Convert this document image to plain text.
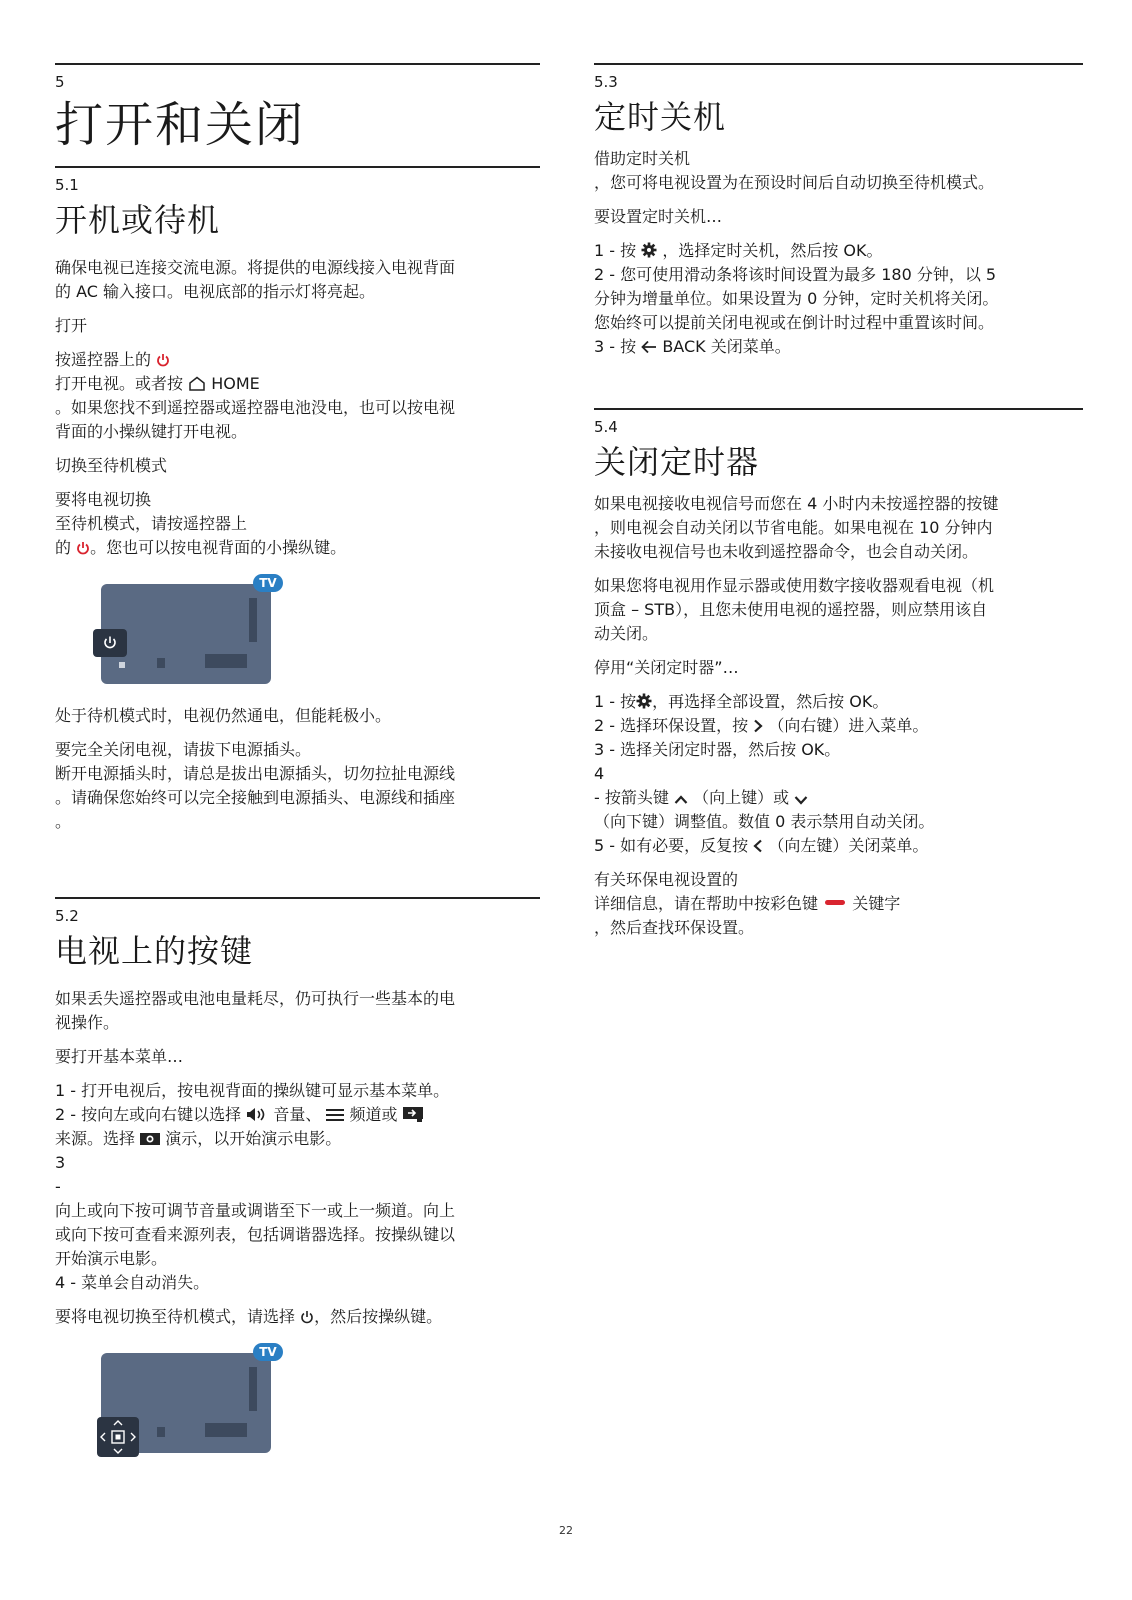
5
打开和关闭
5.1
开机或待机

确保电视已连接交流电源。将提供的电源线接入电视背面
的 AC 输入接口。电视底部的指示灯将亮起。

打开

按遥控器上的
打开电视。或者按 HOME
。如果您找不到遥控器或遥控器电池没电，也可以按电视
背面的小操纵键打开电视。

切换至待机模式

要将电视切换
至待机模式，请按遥控器上
的 。您也可以按电视背面的小操纵键。

TV

处于待机模式时，电视仍然通电，但能耗极小。

要完全关闭电视，请拔下电源插头。
断开电源插头时，请总是拔出电源插头，切勿拉扯电源线
。请确保您始终可以完全接触到电源插头、电源线和插座
。

5.2
电视上的按键

如果丢失遥控器或电池电量耗尽，仍可执行一些基本的电
视操作。

要打开基本菜单…

1 - 打开电视后，按电视背面的操纵键可显示基本菜单。
2 - 按向左或向右键以选择 音量、 频道或
来源。选择 演示，以开始演示电影。
3
-
向上或向下按可调节音量或调谐至下一或上一频道。向上
或向下按可查看来源列表，包括调谐器选择。按操纵键以
开始演示电影。
4 - 菜单会自动消失。

要将电视切换至待机模式，请选择 ，然后按操纵键。

TV
5.3
定时关机

借助定时关机
，您可将电视设置为在预设时间后自动切换至待机模式。

要设置定时关机…

1 - 按 ，选择定时关机，然后按 OK。
2 - 您可使用滑动条将该时间设置为最多 180 分钟，以 5
分钟为增量单位。如果设置为 0 分钟，定时关机将关闭。
您始终可以提前关闭电视或在倒计时过程中重置该时间。
3 - 按 BACK 关闭菜单。

5.4
关闭定时器

如果电视接收电视信号而您在 4 小时内未按遥控器的按键
，则电视会自动关闭以节省电能。如果电视在 10 分钟内
未接收电视信号也未收到遥控器命令，也会自动关闭。

如果您将电视用作显示器或使用数字接收器观看电视（机
顶盒 – STB），且您未使用电视的遥控器，则应禁用该自
动关闭。

停用“关闭定时器”…

1 - 按 ，再选择全部设置，然后按 OK。
2 - 选择环保设置，按 （向右键）进入菜单。
3 - 选择关闭定时器，然后按 OK。
4
- 按箭头键 （向上键）或
（向下键）调整值。数值 0 表示禁用自动关闭。
5 - 如有必要，反复按 （向左键）关闭菜单。

有关环保电视设置的
详细信息，请在帮助中按彩色键 关键字
，然后查找环保设置。

22
